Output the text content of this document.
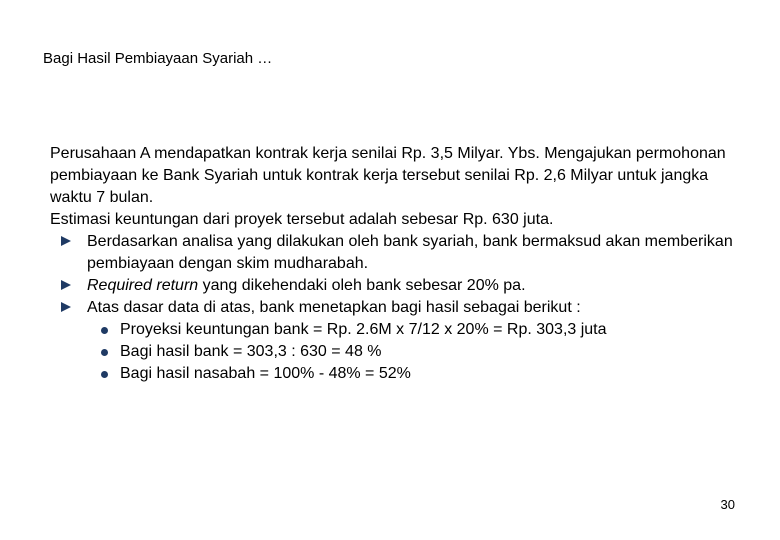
Bagi Hasil Pembiayaan Syariah …

Perusahaan A mendapatkan kontrak kerja senilai Rp. 3,5 Milyar. Ybs. Mengajukan permohonan pembiayaan ke Bank Syariah untuk kontrak kerja tersebut senilai Rp. 2,6 Milyar untuk jangka waktu 7 bulan.

Estimasi keuntungan dari proyek tersebut adalah sebesar Rp. 630 juta.

Berdasarkan analisa yang dilakukan oleh bank syariah, bank bermaksud akan memberikan pembiayaan dengan skim mudharabah.
Required return yang dikehendaki oleh bank sebesar 20% pa.
Atas dasar data di atas, bank menetapkan bagi hasil sebagai berikut :
Proyeksi keuntungan bank = Rp. 2.6M x 7/12 x 20% = Rp. 303,3 juta
Bagi hasil bank = 303,3 : 630 = 48 %
Bagi hasil nasabah = 100% - 48% = 52%
30
